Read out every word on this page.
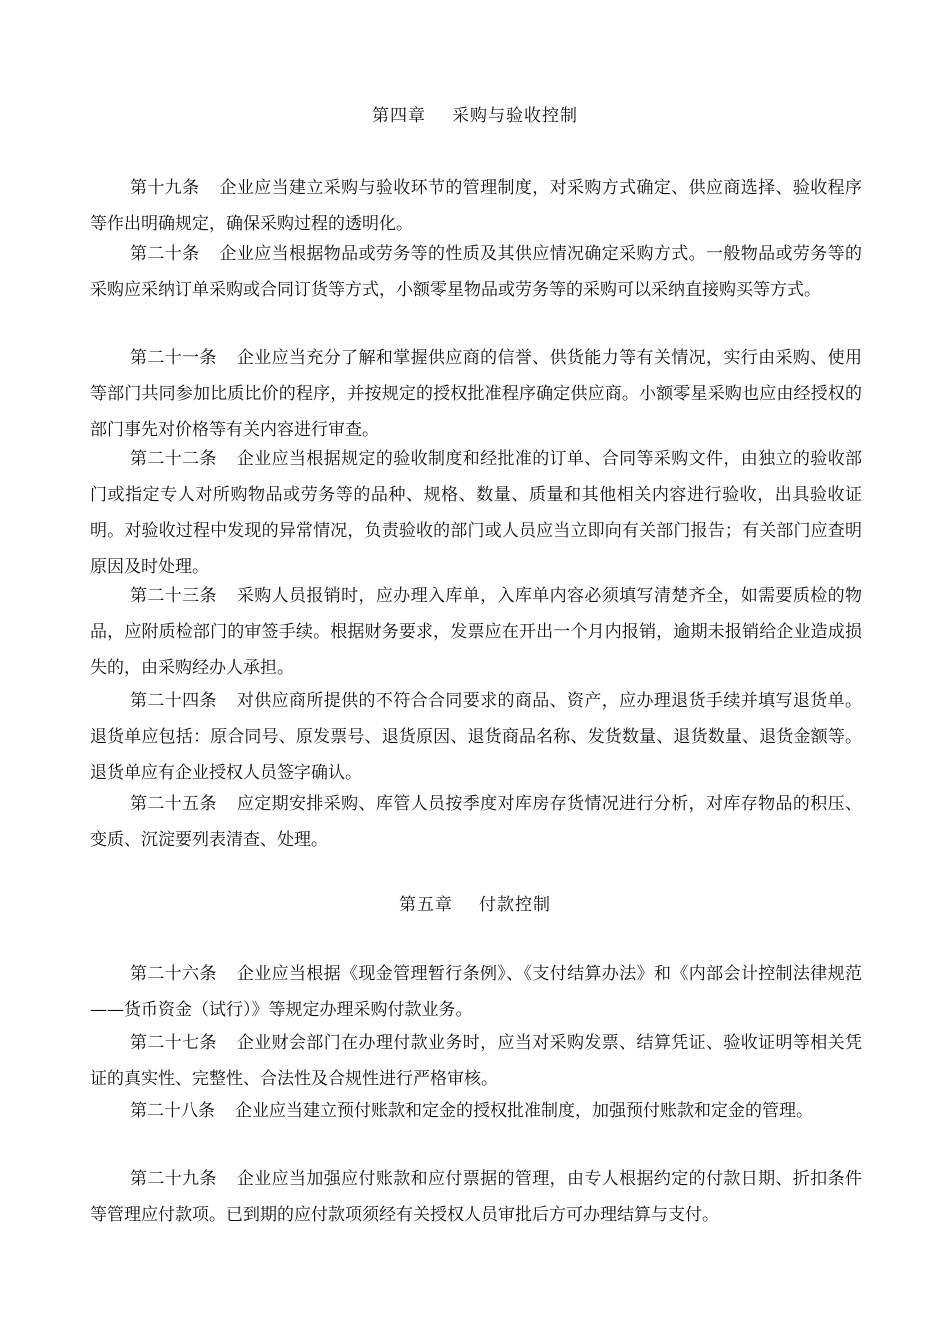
第四章 采购与验收控制
第十九条 企业应当建立采购与验收环节的管理制度，对采购方式确定、供应商选择、验收程序等作出明确规定，确保采购过程的透明化。
第二十条 企业应当根据物品或劳务等的性质及其供应情况确定采购方式。一般物品或劳务等的采购应采纳订单采购或合同订货等方式，小额零星物品或劳务等的采购可以采纳直接购买等方式。
第二十一条 企业应当充分了解和掌握供应商的信誉、供货能力等有关情况，实行由采购、使用等部门共同参加比质比价的程序，并按规定的授权批准程序确定供应商。小额零星采购也应由经授权的部门事先对价格等有关内容进行审查。
第二十二条 企业应当根据规定的验收制度和经批准的订单、合同等采购文件，由独立的验收部门或指定专人对所购物品或劳务等的品种、规格、数量、质量和其他相关内容进行验收，出具验收证明。对验收过程中发现的异常情况，负责验收的部门或人员应当立即向有关部门报告；有关部门应查明原因及时处理。
第二十三条 采购人员报销时，应办理入库单，入库单内容必须填写清楚齐全，如需要质检的物品，应附质检部门的审签手续。根据财务要求，发票应在开出一个月内报销，逾期未报销给企业造成损失的，由采购经办人承担。
第二十四条 对供应商所提供的不符合合同要求的商品、资产，应办理退货手续并填写退货单。退货单应包括：原合同号、原发票号、退货原因、退货商品名称、发货数量、退货数量、退货金额等。退货单应有企业授权人员签字确认。
第二十五条 应定期安排采购、库管人员按季度对库房存货情况进行分析，对库存物品的积压、变质、沉淀要列表清查、处理。
第五章 付款控制
第二十六条 企业应当根据《现金管理暂行条例》、《支付结算办法》和《内部会计控制法律规范——货币资金（试行）》等规定办理采购付款业务。
第二十七条 企业财会部门在办理付款业务时，应当对采购发票、结算凭证、验收证明等相关凭证的真实性、完整性、合法性及合规性进行严格审核。
第二十八条 企业应当建立预付账款和定金的授权批准制度，加强预付账款和定金的管理。
第二十九条 企业应当加强应付账款和应付票据的管理，由专人根据约定的付款日期、折扣条件等管理应付款项。已到期的应付款项须经有关授权人员审批后方可办理结算与支付。
